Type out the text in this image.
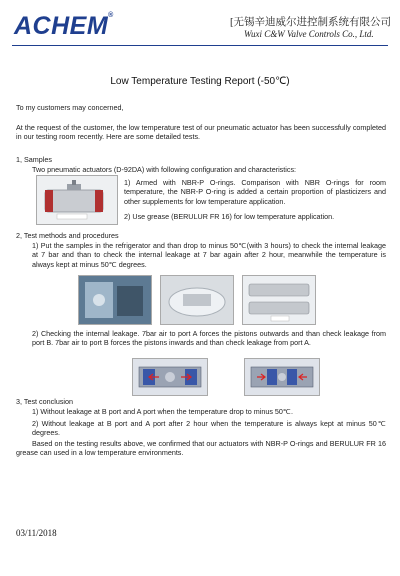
ACHEM®
[无锡辛迪威尔进控制系统有限公司
Wuxi C&W Valve Controls Co., Ltd.
Low Temperature Testing Report (-50℃)
To my customers may concerned,
At the request of the customer, the low temperature test of our pneumatic actuator has been successfully completed in our testing room recently. Here are some detailed tests.
1, Samples
Two pneumatic actuators (D-92DA) with following configuration and characteristics:
1) Armed with NBR-P O-rings. Comparison with NBR O-rings for room temperature, the NBR-P O-ring is added a certain proportion of plasticizers and other supplements for low temperature application.
2) Use grease (BERULUR FR 16) for low temperature application.
2, Test methods and procedures
1) Put the samples in the refrigerator and than drop to minus 50℃(with 3 hours) to check the internal leakage at 7 bar and than to check the internal leakage at 7 bar again after 2 hour, meanwhile the temperature is always kept at minus 50℃ degrees.
2) Checking the internal leakage. 7bar air to port A forces the pistons outwards and than check leakage from port B. 7bar air to port B forces the pistons inwards and than check leakage from port A.
3, Test conclusion
1) Without leakage at B port and A port when the temperature drop to minus 50℃.
2) Without leakage at B port and A port after 2 hour when the temperature is always kept at minus 50℃ degrees.
Based on the testing results above, we confirmed that our actuators with NBR-P O-rings and BERULUR FR 16 grease can used in a low temperature environments.
03/11/2018
